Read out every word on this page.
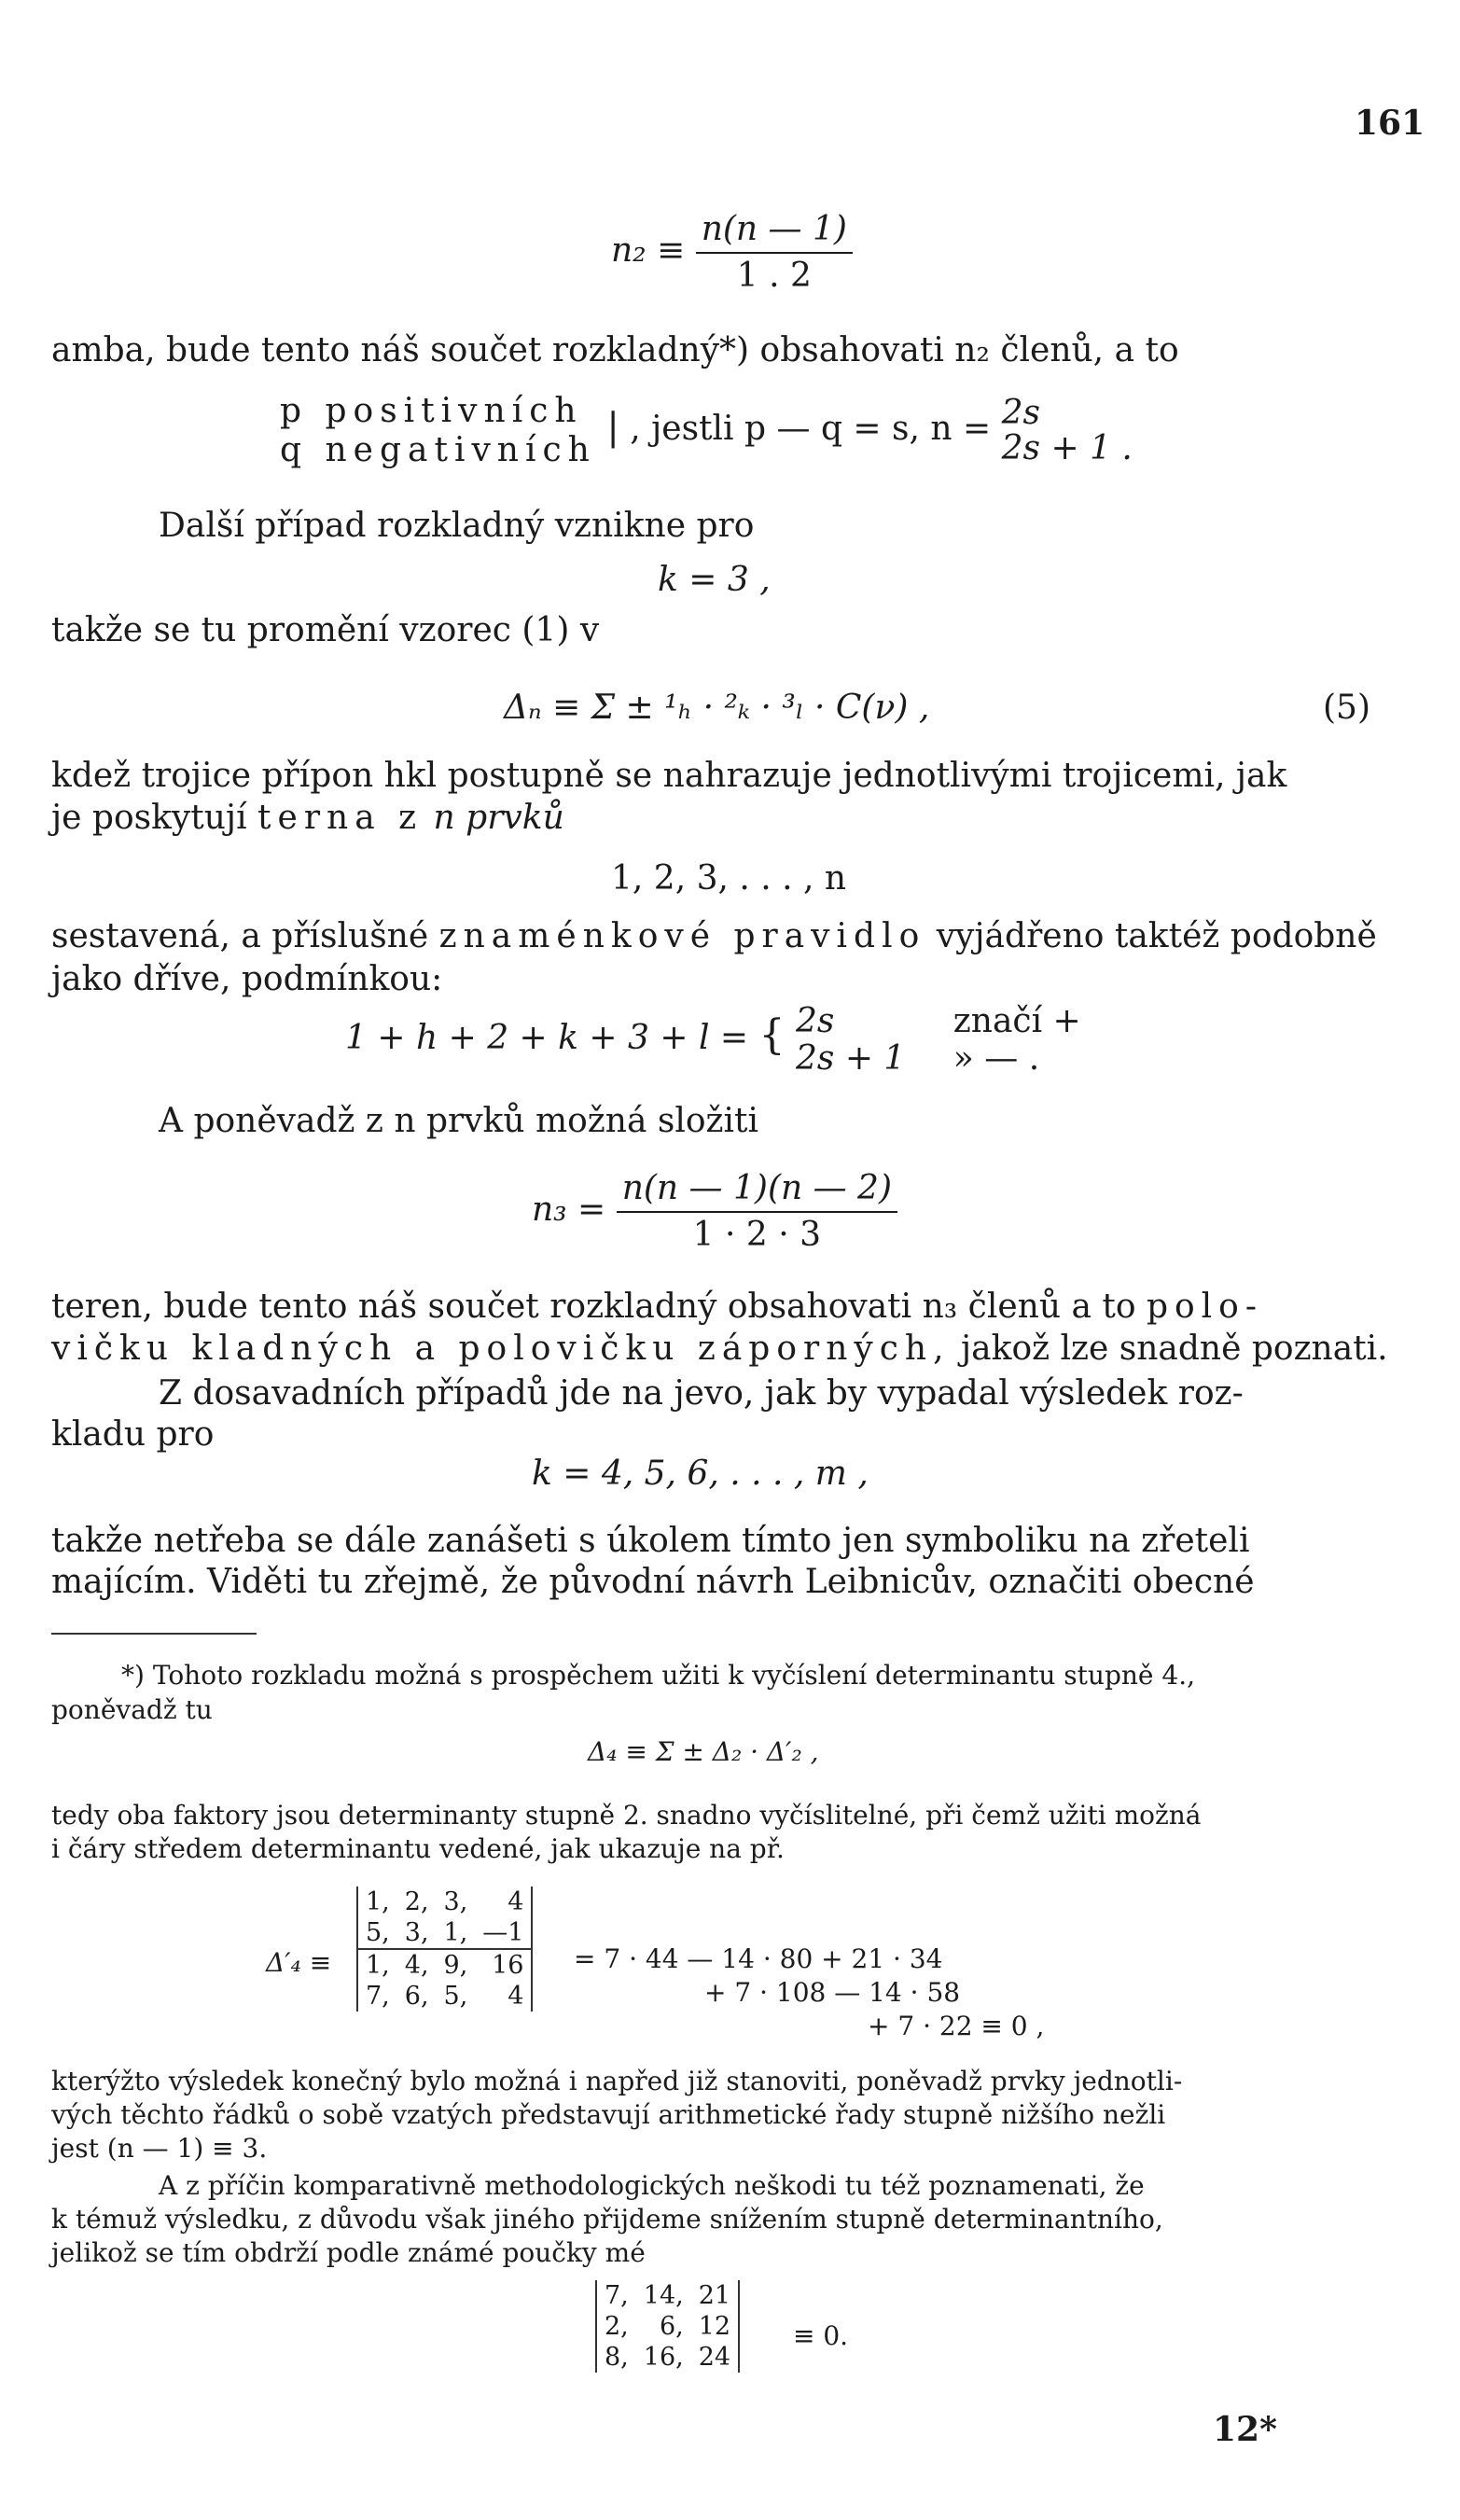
161
$n_2 \equiv \frac{n(n — 1)}{1 . 2}$
amba, bude tento náš součet rozkladný*) obsahovati n₂ členů, a to
p positivních
q negativních
| , jestli p — q = s, n = 2s
2s + 1 .
Další případ rozkladný vznikne pro
k = 3 ,
takže se tu promění vzorec (1) v
Δₙ ≡ Σ ± ¹ₕ · ²ₖ · ³ₗ · C(ν) ,	(5)
kdež trojice přípon hkl postupně se nahrazuje jednotlivými trojicemi, jak
je poskytují terna z n prvků
1, 2, 3, . . . , n
sestavená, a příslušné znaménkové pravidlo vyjádřeno taktéž podobně
jako dříve, podmínkou:
1 + h + 2 + k + 3 + l = { 2s
2s + 1

značí +
» — .
A poněvadž z n prvků možná složiti
$n_3 = \frac{n(n — 1)(n — 2)}{1 \cdot 2 \cdot 3}$
teren, bude tento náš součet rozkladný obsahovati n₃ členů a to polo-
vičku kladných a polovičku záporných, jakož lze snadně poznati.
Z dosavadních případů jde na jevo, jak by vypadal výsledek roz-
kladu pro
k = 4, 5, 6, . . . , m ,
takže netřeba se dále zanášeti s úkolem tímto jen symboliku na zřeteli
majícím. Viděti tu zřejmě, že původní návrh Leibnicův, označiti obecné
*) Tohoto rozkladu možná s prospěchem užiti k vyčíslení determinantu stupně 4.,
poněvadž tu
Δ₄ ≡ Σ ± Δ₂ · Δ′₂ ,
tedy oba faktory jsou determinanty stupně 2. snadno vyčíslitelné, při čemž užiti možná
i čáry středem determinantu vedené, jak ukazuje na př.
Δ′₄ ≡
1,	2,	3,	4
5,	3,	1,	—1
1,	4,	9,	16
7,	6,	5,	4
= 7 · 44 — 14 · 80 + 21 · 34
+ 7 · 108 — 14 · 58
+ 7 · 22 ≡ 0 ,
kterýžto výsledek konečný bylo možná i napřed již stanoviti, poněvadž prvky jednotli-
vých těchto řádků o sobě vzatých představují arithmetické řady stupně nižšího nežli
jest (n — 1) ≡ 3.
A z příčin komparativně methodologických neškodi tu též poznamenati, že
k témuž výsledku, z důvodu však jiného přijdeme snížením stupně determinantního,
jelikož se tím obdrží podle známé poučky mé
7,	14,	21
2,	6,	12
8,	16,	24
≡ 0.
12*
